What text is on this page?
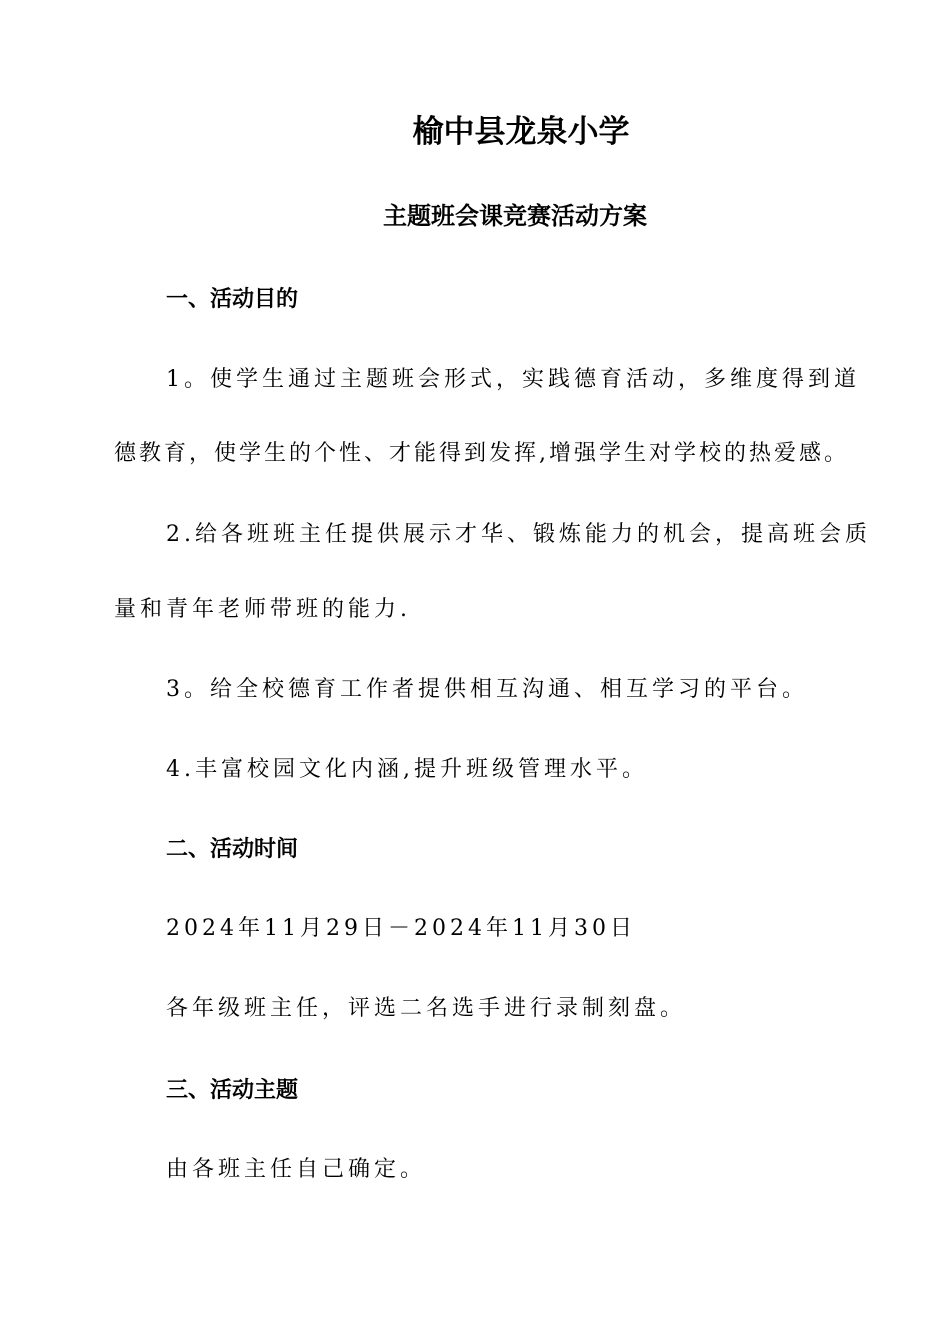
榆中县龙泉小学
主题班会课竞赛活动方案
一、活动目的
1。使学生通过主题班会形式，实践德育活动，多维度得到道
德教育，使学生的个性、才能得到发挥,增强学生对学校的热爱感。
2.给各班班主任提供展示才华、锻炼能力的机会，提高班会质
量和青年老师带班的能力.
3。给全校德育工作者提供相互沟通、相互学习的平台。
4.丰富校园文化内涵,提升班级管理水平。
二、活动时间
2024年11月29日－2024年11月30日
各年级班主任，评选二名选手进行录制刻盘。
三、活动主题
由各班主任自己确定。
